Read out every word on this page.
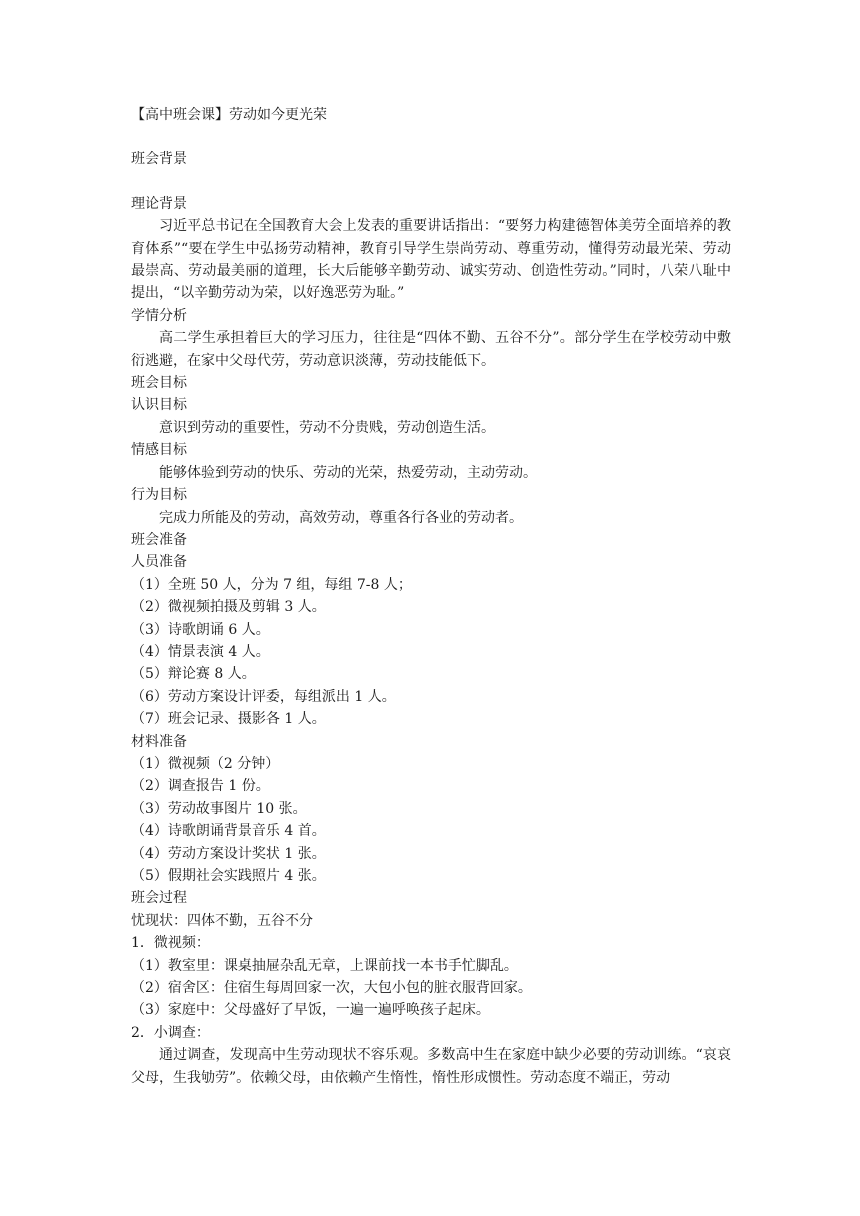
【高中班会课】劳动如今更光荣

班会背景

理论背景

习近平总书记在全国教育大会上发表的重要讲话指出：“要努力构建德智体美劳全面培养的教育体系”“要在学生中弘扬劳动精神，教育引导学生崇尚劳动、尊重劳动，懂得劳动最光荣、劳动最崇高、劳动最美丽的道理，长大后能够辛勤劳动、诚实劳动、创造性劳动。”同时，八荣八耻中提出，“以辛勤劳动为荣，以好逸恶劳为耻。”

学情分析

高二学生承担着巨大的学习压力，往往是“四体不勤、五谷不分”。部分学生在学校劳动中敷衍逃避，在家中父母代劳，劳动意识淡薄，劳动技能低下。

班会目标

认识目标

意识到劳动的重要性，劳动不分贵贱，劳动创造生活。

情感目标

能够体验到劳动的快乐、劳动的光荣，热爱劳动，主动劳动。

行为目标

完成力所能及的劳动，高效劳动，尊重各行各业的劳动者。

班会准备

人员准备

（1）全班 50 人，分为 7 组，每组 7-8 人；

（2）微视频拍摄及剪辑 3 人。

（3）诗歌朗诵 6 人。

（4）情景表演 4 人。

（5）辩论赛 8 人。

（6）劳动方案设计评委，每组派出 1 人。

（7）班会记录、摄影各 1 人。

材料准备

（1）微视频（2 分钟）

（2）调查报告 1 份。

（3）劳动故事图片 10 张。

（4）诗歌朗诵背景音乐 4 首。

（4）劳动方案设计奖状 1 张。

（5）假期社会实践照片 4 张。

班会过程

忧现状：四体不勤，五谷不分

1．微视频：

（1）教室里：课桌抽屉杂乱无章，上课前找一本书手忙脚乱。

（2）宿舍区：住宿生每周回家一次，大包小包的脏衣服背回家。

（3）家庭中：父母盛好了早饭，一遍一遍呼唤孩子起床。

2．小调查：

通过调查，发现高中生劳动现状不容乐观。多数高中生在家庭中缺少必要的劳动训练。“哀哀父母，生我劬劳”。依赖父母，由依赖产生惰性，惰性形成惯性。劳动态度不端正，劳动
